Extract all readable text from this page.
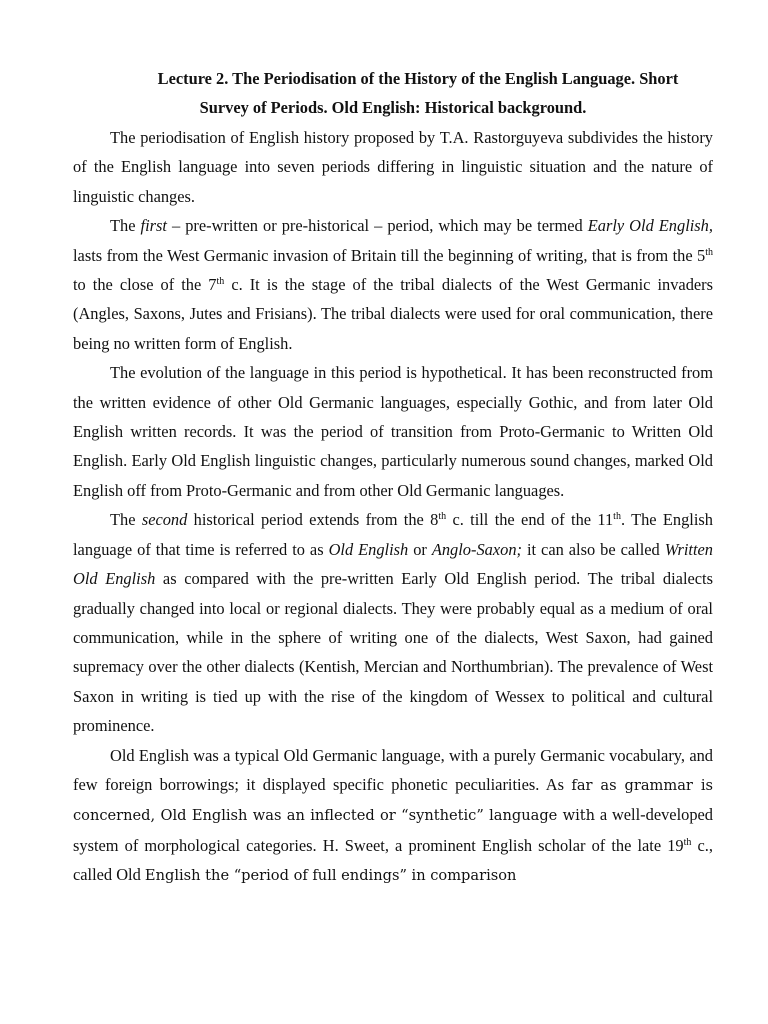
Lecture 2. The Periodisation of the History of the English Language. Short
Survey of Periods. Old English: Historical background.

The periodisation of English history proposed by T.A. Rastorguyeva subdivides the history of the English language into seven periods differing in linguistic situation and the nature of linguistic changes.

The first – pre-written or pre-historical – period, which may be termed Early Old English, lasts from the West Germanic invasion of Britain till the beginning of writing, that is from the 5th to the close of the 7th c. It is the stage of the tribal dialects of the West Germanic invaders (Angles, Saxons, Jutes and Frisians). The tribal dialects were used for oral communication, there being no written form of English.

The evolution of the language in this period is hypothetical. It has been reconstructed from the written evidence of other Old Germanic languages, especially Gothic, and from later Old English written records. It was the period of transition from Proto-Germanic to Written Old English. Early Old English linguistic changes, particularly numerous sound changes, marked Old English off from Proto-Germanic and from other Old Germanic languages.

The second historical period extends from the 8th c. till the end of the 11th. The English language of that time is referred to as Old English or Anglo-Saxon; it can also be called Written Old English as compared with the pre-written Early Old English period. The tribal dialects gradually changed into local or regional dialects. They were probably equal as a medium of oral communication, while in the sphere of writing one of the dialects, West Saxon, had gained supremacy over the other dialects (Kentish, Mercian and Northumbrian). The prevalence of West Saxon in writing is tied up with the rise of the kingdom of Wessex to political and cultural prominence.

Old English was a typical Old Germanic language, with a purely Germanic vocabulary, and few foreign borrowings; it displayed specific phonetic peculiarities. As far as grammar is concerned, Old English was an inflected or “synthetic” language with a well-developed system of morphological categories. H. Sweet, a prominent English scholar of the late 19th c., called Old English the “period of full endings” in comparison
